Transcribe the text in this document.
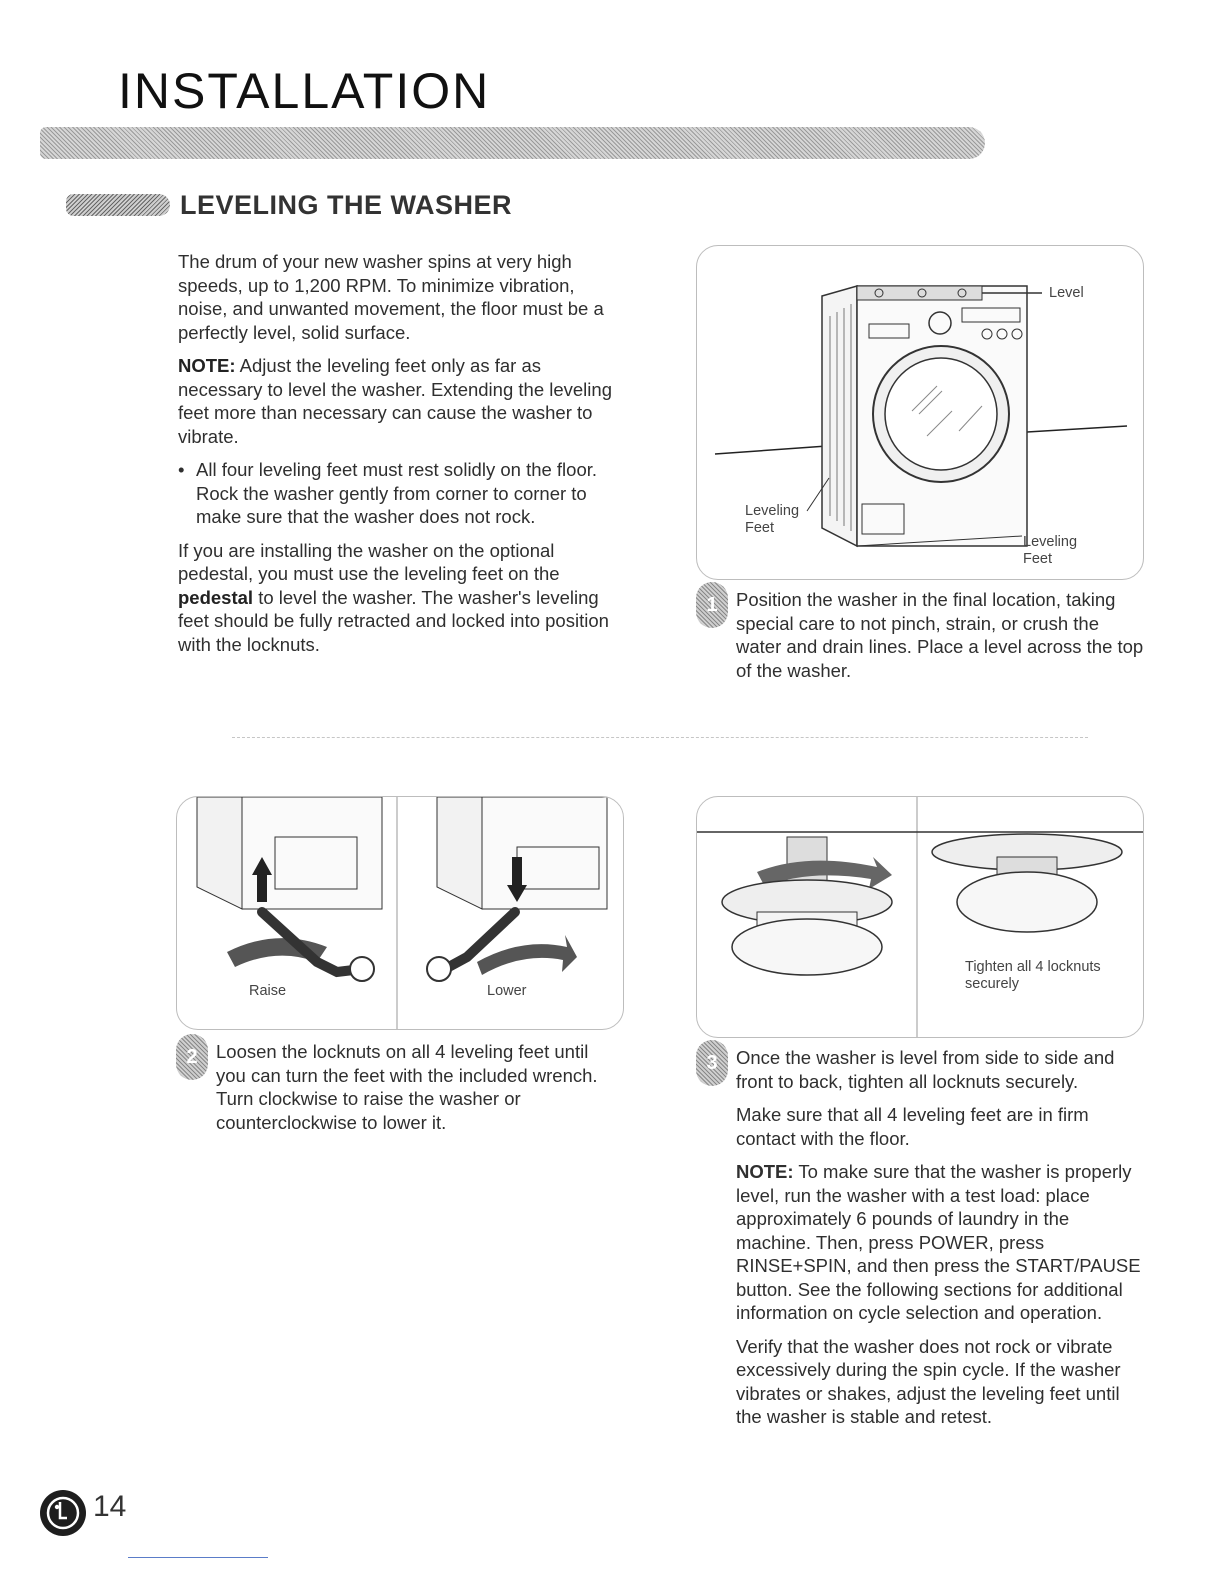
INSTALLATION
LEVELING THE WASHER

The drum of your new washer spins at very high speeds, up to 1,200 RPM. To minimize vibration, noise, and unwanted movement, the floor must be a perfectly level, solid surface.

NOTE: Adjust the leveling feet only as far as necessary to level the washer. Extending the leveling feet more than necessary can cause the washer to vibrate.

• All four leveling feet must rest solidly on the floor. Rock the washer gently from corner to corner to make sure that the washer does not rock.

If you are installing the washer on the optional pedestal, you must use the leveling feet on the pedestal to level the washer. The washer's leveling feet should be fully retracted and locked into position with the locknuts.

Level
Leveling Feet
Leveling Feet
1 Position the washer in the final location, taking special care to not pinch, strain, or crush the water and drain lines. Place a level across the top of the washer.

Raise	Lower
2 Loosen the locknuts on all 4 leveling feet until you can turn the feet with the included wrench. Turn clockwise to raise the washer or counterclockwise to lower it.

Tighten all 4 locknuts securely
3 Once the washer is level from side to side and front to back, tighten all locknuts securely.

Make sure that all 4 leveling feet are in firm contact with the floor.

NOTE: To make sure that the washer is properly level, run the washer with a test load: place approximately 6 pounds of laundry in the machine. Then, press POWER, press RINSE+SPIN, and then press the START/PAUSE button. See the following sections for additional information on cycle selection and operation.

Verify that the washer does not rock or vibrate excessively during the spin cycle. If the washer vibrates or shakes, adjust the leveling feet until the washer is stable and retest.

14
